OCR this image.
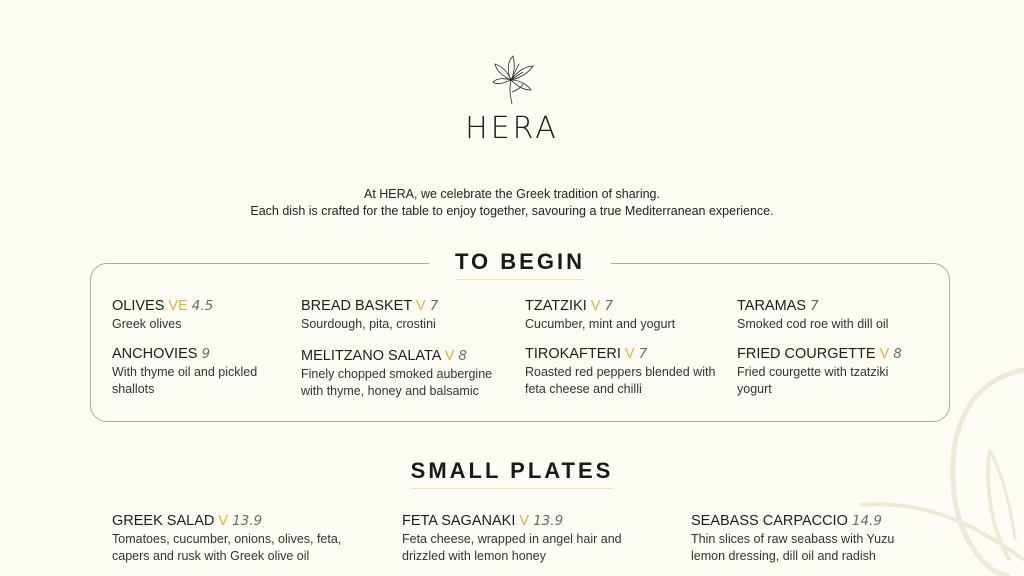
HERA
At HERA, we celebrate the Greek tradition of sharing.
Each dish is crafted for the table to enjoy together, savouring a true Mediterranean experience.
TO BEGIN
OLIVES VE 4.5
Greek olives
BREAD BASKET V 7
Sourdough, pita, crostini
TZATZIKI V 7
Cucumber, mint and yogurt
TARAMAS 7
Smoked cod roe with dill oil
ANCHOVIES 9
With thyme oil and pickled shallots
MELITZANO SALATA V 8
Finely chopped smoked aubergine with thyme, honey and balsamic
TIROKAFTERI V 7
Roasted red peppers blended with feta cheese and chilli
FRIED COURGETTE V 8
Fried courgette with tzatziki yogurt
SMALL PLATES
GREEK SALAD V 13.9
Tomatoes, cucumber, onions, olives, feta, capers and rusk with Greek olive oil
FETA SAGANAKI V 13.9
Feta cheese, wrapped in angel hair and drizzled with lemon honey
SEABASS CARPACCIO 14.9
Thin slices of raw seabass with Yuzu lemon dressing, dill oil and radish
